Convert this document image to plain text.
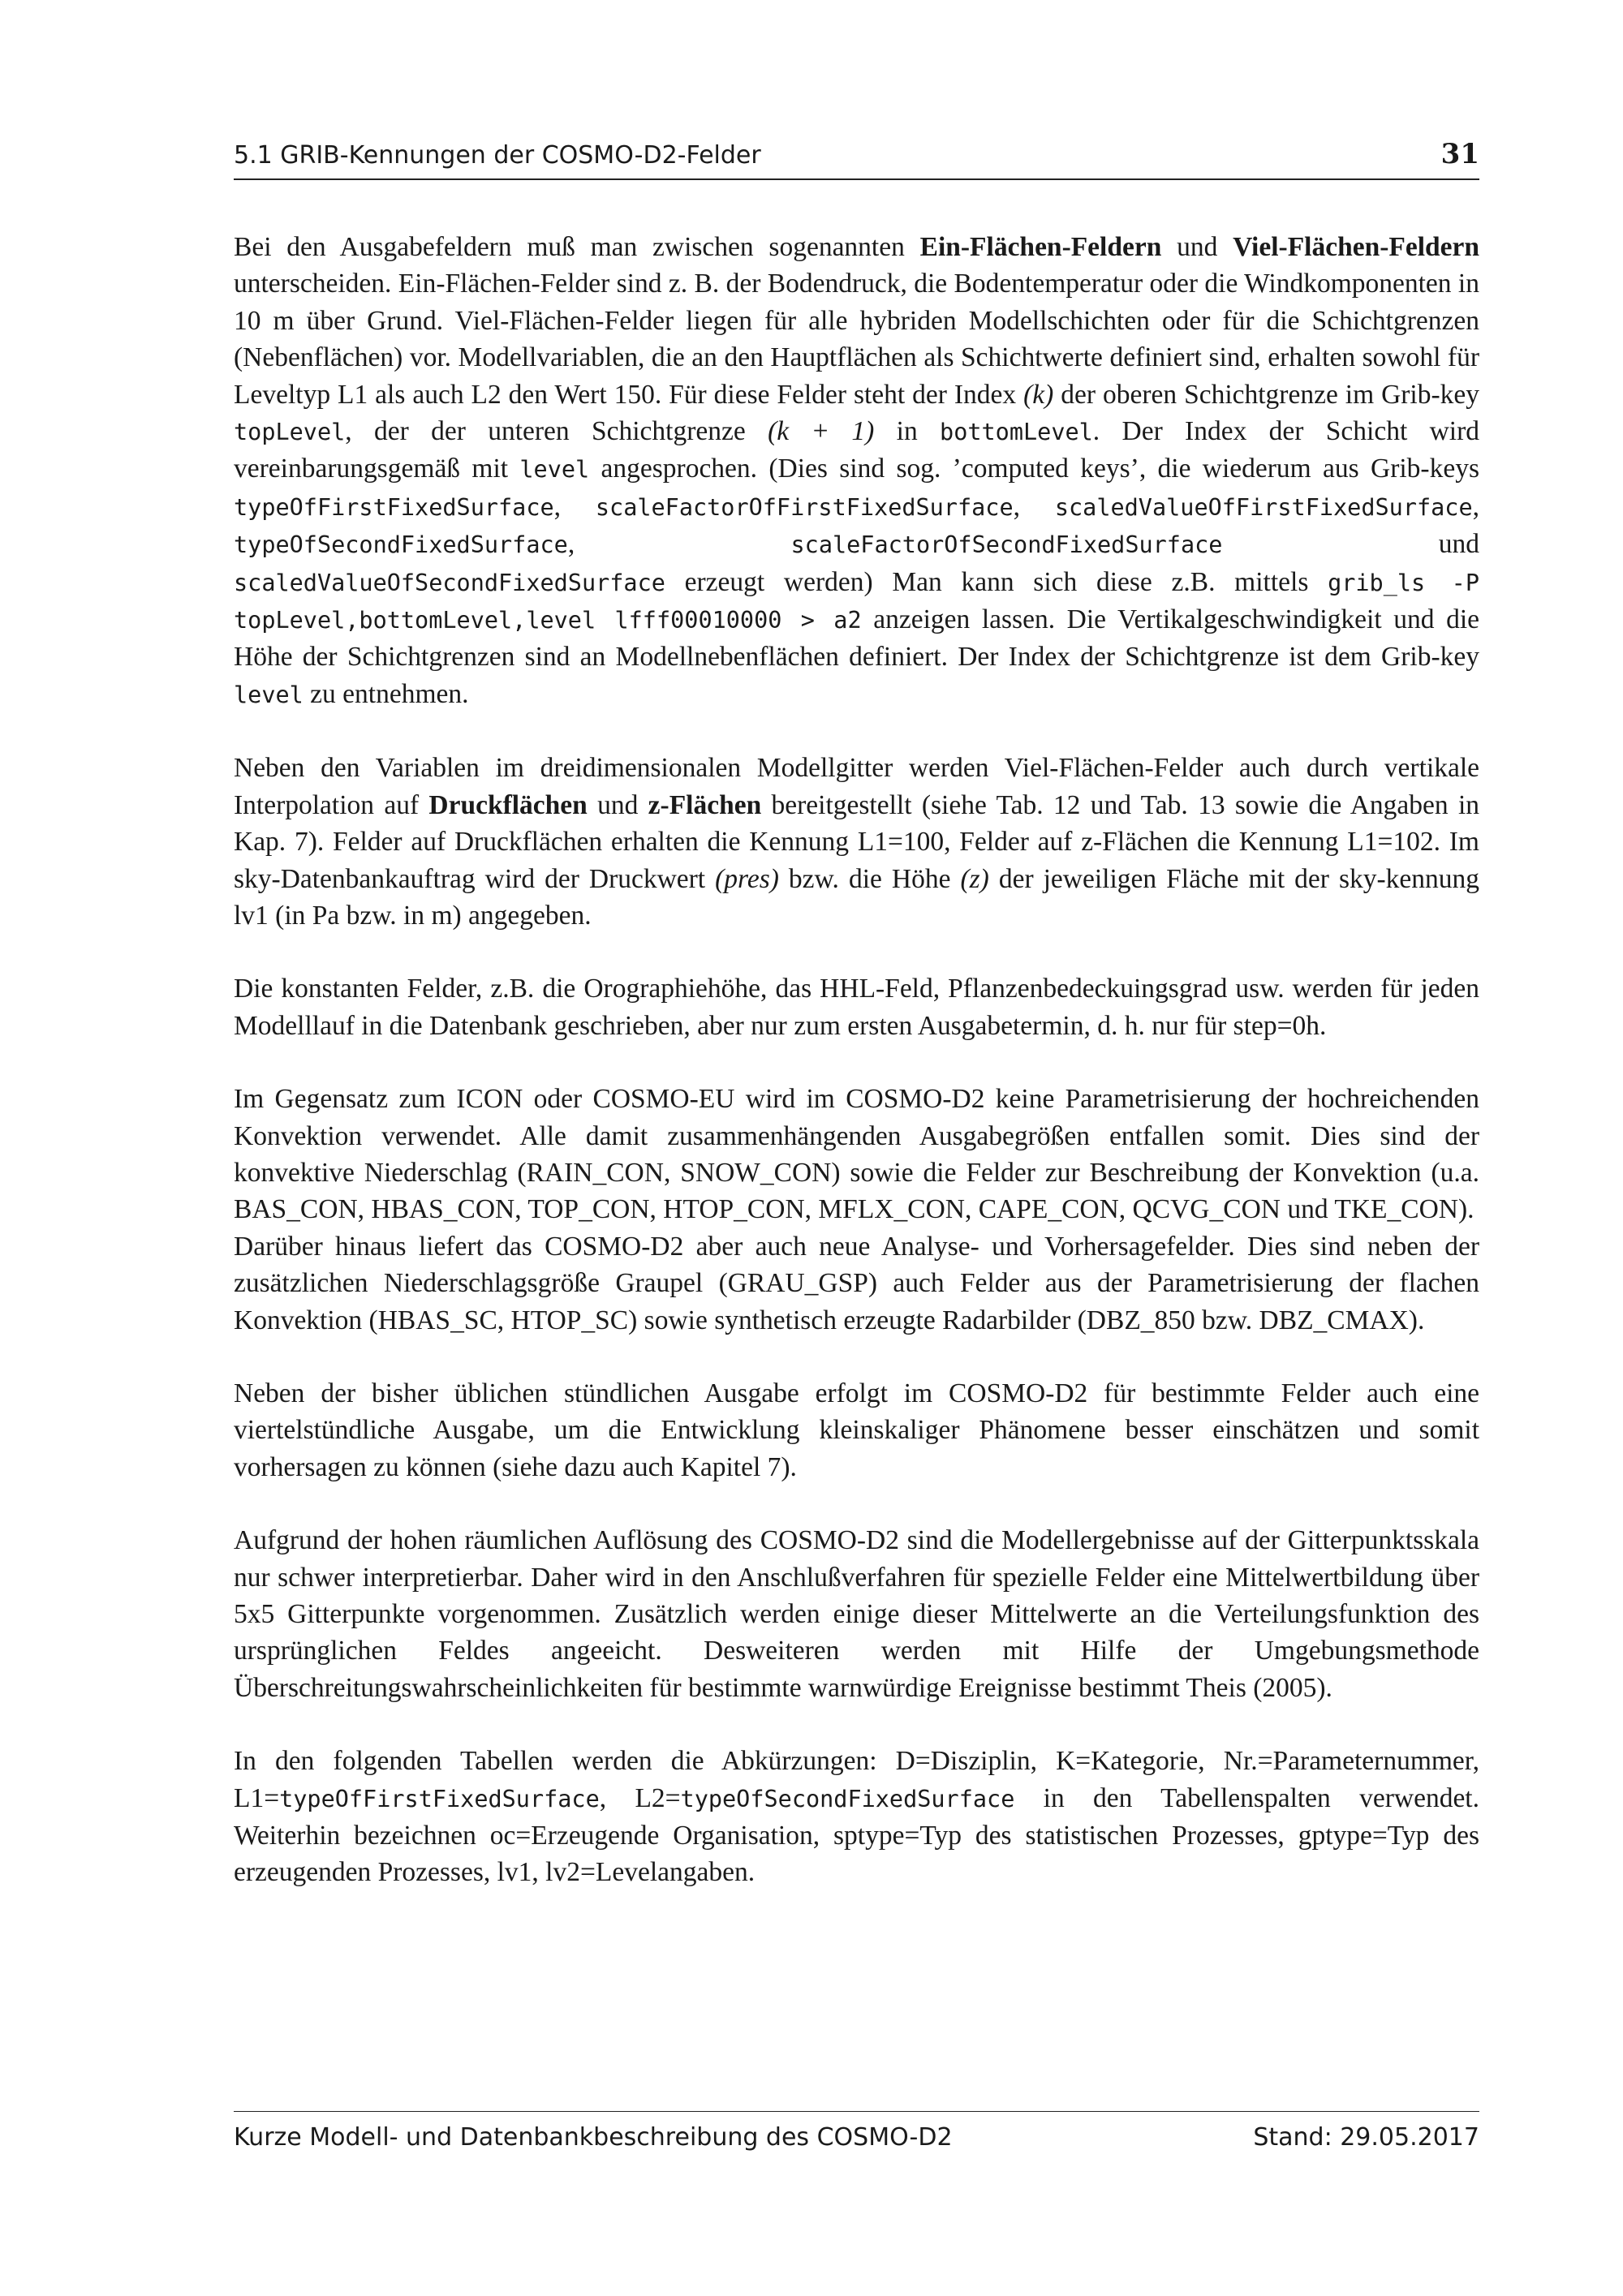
5.1 GRIB-Kennungen der COSMO-D2-Felder	31

Bei den Ausgabefeldern muß man zwischen sogenannten Ein-Flächen-Feldern und Viel-Flächen-Feldern unterscheiden. Ein-Flächen-Felder sind z. B. der Bodendruck, die Bodentemperatur oder die Windkomponenten in 10 m über Grund. Viel-Flächen-Felder liegen für alle hybriden Modellschichten oder für die Schichtgrenzen (Nebenflächen) vor. Modellvariablen, die an den Hauptflächen als Schichtwerte definiert sind, erhalten sowohl für Leveltyp L1 als auch L2 den Wert 150. Für diese Felder steht der Index (k) der oberen Schichtgrenze im Grib-key topLevel, der der unteren Schichtgrenze (k + 1) in bottomLevel. Der Index der Schicht wird vereinbarungsgemäß mit level angesprochen. (Dies sind sog. ’computed keys’, die wiederum aus Grib-keys typeOfFirstFixedSurface, scaleFactorOfFirstFixedSurface, scaledValueOfFirstFixedSurface, typeOfSecondFixedSurface, scaleFactorOfSecondFixedSurface und scaledValueOfSecondFixedSurface erzeugt werden) Man kann sich diese z.B. mittels grib_ls -P topLevel,bottomLevel,level lfff00010000 > a2 anzeigen lassen. Die Vertikalgeschwindigkeit und die Höhe der Schichtgrenzen sind an Modellnebenflächen definiert. Der Index der Schichtgrenze ist dem Grib-key level zu entnehmen.

Neben den Variablen im dreidimensionalen Modellgitter werden Viel-Flächen-Felder auch durch vertikale Interpolation auf Druckflächen und z-Flächen bereitgestellt (siehe Tab. 12 und Tab. 13 sowie die Angaben in Kap. 7). Felder auf Druckflächen erhalten die Kennung L1=100, Felder auf z-Flächen die Kennung L1=102. Im sky-Datenbankauftrag wird der Druckwert (pres) bzw. die Höhe (z) der jeweiligen Fläche mit der sky-kennung lv1 (in Pa bzw. in m) angegeben.

Die konstanten Felder, z.B. die Orographiehöhe, das HHL-Feld, Pflanzenbedeckuingsgrad usw. werden für jeden Modelllauf in die Datenbank geschrieben, aber nur zum ersten Ausgabetermin, d. h. nur für step=0h.

Im Gegensatz zum ICON oder COSMO-EU wird im COSMO-D2 keine Parametrisierung der hochreichenden Konvektion verwendet. Alle damit zusammenhängenden Ausgabegrößen entfallen somit. Dies sind der konvektive Niederschlag (RAIN_CON, SNOW_CON) sowie die Felder zur Beschreibung der Konvektion (u.a. BAS_CON, HBAS_CON, TOP_CON, HTOP_CON, MFLX_CON, CAPE_CON, QCVG_CON und TKE_CON).

Darüber hinaus liefert das COSMO-D2 aber auch neue Analyse- und Vorhersagefelder. Dies sind neben der zusätzlichen Niederschlagsgröße Graupel (GRAU_GSP) auch Felder aus der Parametrisierung der flachen Konvektion (HBAS_SC, HTOP_SC) sowie synthetisch erzeugte Radarbilder (DBZ_850 bzw. DBZ_CMAX).

Neben der bisher üblichen stündlichen Ausgabe erfolgt im COSMO-D2 für bestimmte Felder auch eine viertelstündliche Ausgabe, um die Entwicklung kleinskaliger Phänomene besser einschätzen und somit vorhersagen zu können (siehe dazu auch Kapitel 7).

Aufgrund der hohen räumlichen Auflösung des COSMO-D2 sind die Modellergebnisse auf der Gitterpunktsskala nur schwer interpretierbar. Daher wird in den Anschlußverfahren für spezielle Felder eine Mittelwertbildung über 5x5 Gitterpunkte vorgenommen. Zusätzlich werden einige dieser Mittelwerte an die Verteilungsfunktion des ursprünglichen Feldes angeeicht. Desweiteren werden mit Hilfe der Umgebungsmethode Überschreitungswahrscheinlichkeiten für bestimmte warnwürdige Ereignisse bestimmt Theis (2005).

In den folgenden Tabellen werden die Abkürzungen: D=Disziplin, K=Kategorie, Nr.=Parameternummer, L1=typeOfFirstFixedSurface, L2=typeOfSecondFixedSurface in den Tabellenspalten verwendet. Weiterhin bezeichnen oc=Erzeugende Organisation, sptype=Typ des statistischen Prozesses, gptype=Typ des erzeugenden Prozesses, lv1, lv2=Levelangaben.

Kurze Modell- und Datenbankbeschreibung des COSMO-D2	Stand: 29.05.2017
